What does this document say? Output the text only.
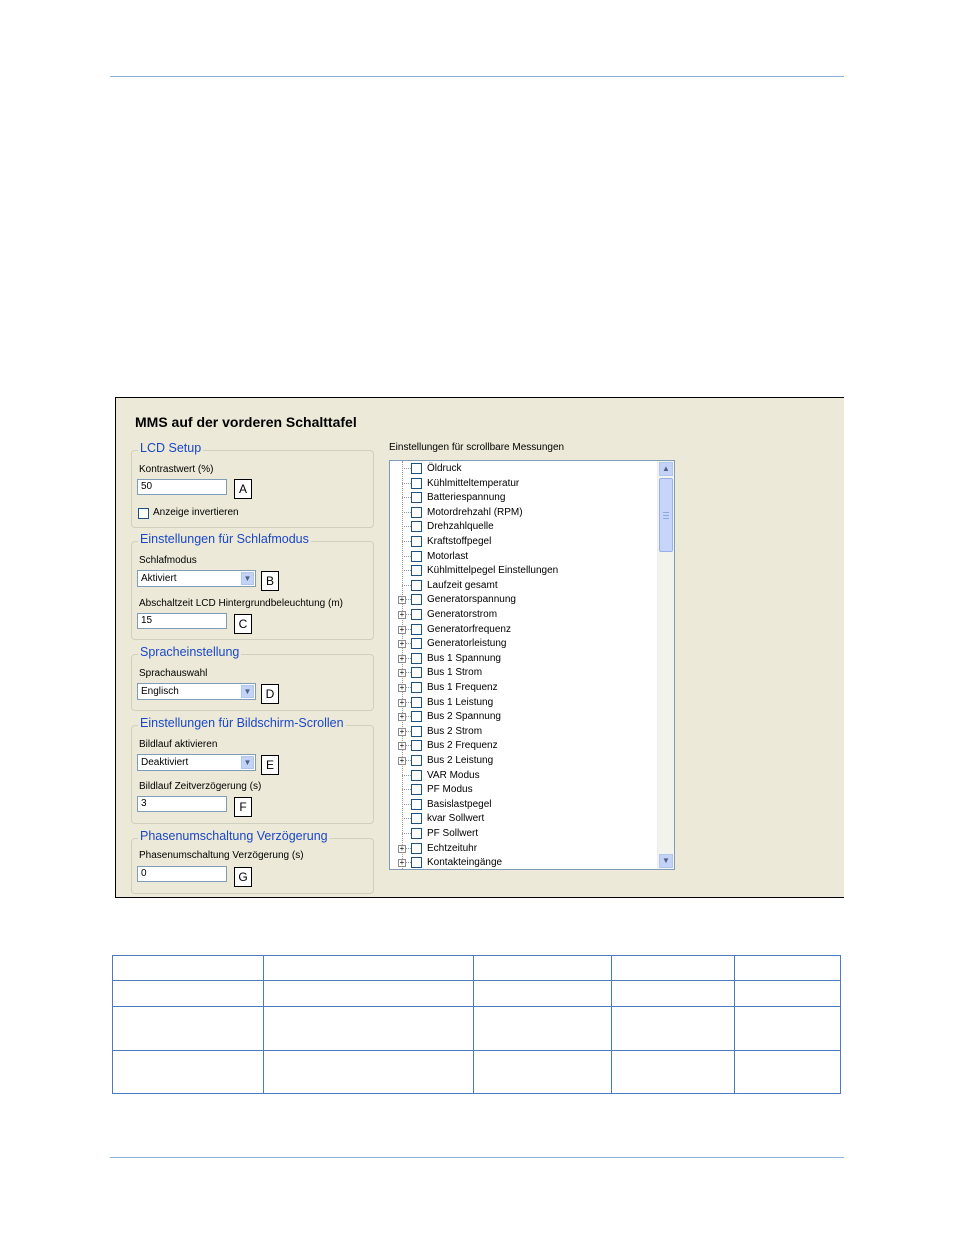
MMS auf der vorderen Schalttafel
LCD Setup
Kontrastwert (%)
50	A
Anzeige invertieren
Einstellungen für Schlafmodus
Schlafmodus
Aktiviert	▼	B
Abschaltzeit LCD Hintergrundbeleuchtung (m)
15	C
Spracheinstellung
Sprachauswahl
Englisch	▼	D
Einstellungen für Bildschirm-Scrollen
Bildlauf aktivieren
Deaktiviert	▼	E
Bildlauf Zeitverzögerung (s)
3	F
Phasenumschaltung Verzögerung
Phasenumschaltung Verzögerung (s)
0	G
Einstellungen für scrollbare Messungen
Öldruck
Kühlmitteltemperatur
Batteriespannung
Motordrehzahl (RPM)
Drehzahlquelle
Kraftstoffpegel
Motorlast
Kühlmittelpegel Einstellungen
Laufzeit gesamt
+ Generatorspannung
+ Generatorstrom
+ Generatorfrequenz
+ Generatorleistung
+ Bus 1 Spannung
+ Bus 1 Strom
+ Bus 1 Frequenz
+ Bus 1 Leistung
+ Bus 2 Spannung
+ Bus 2 Strom
+ Bus 2 Frequenz
+ Bus 2 Leistung
VAR Modus
PF Modus
Basislastpegel
kvar Sollwert
PF Sollwert
+ Echtzeituhr
+ Kontakteingänge
▲
▼
